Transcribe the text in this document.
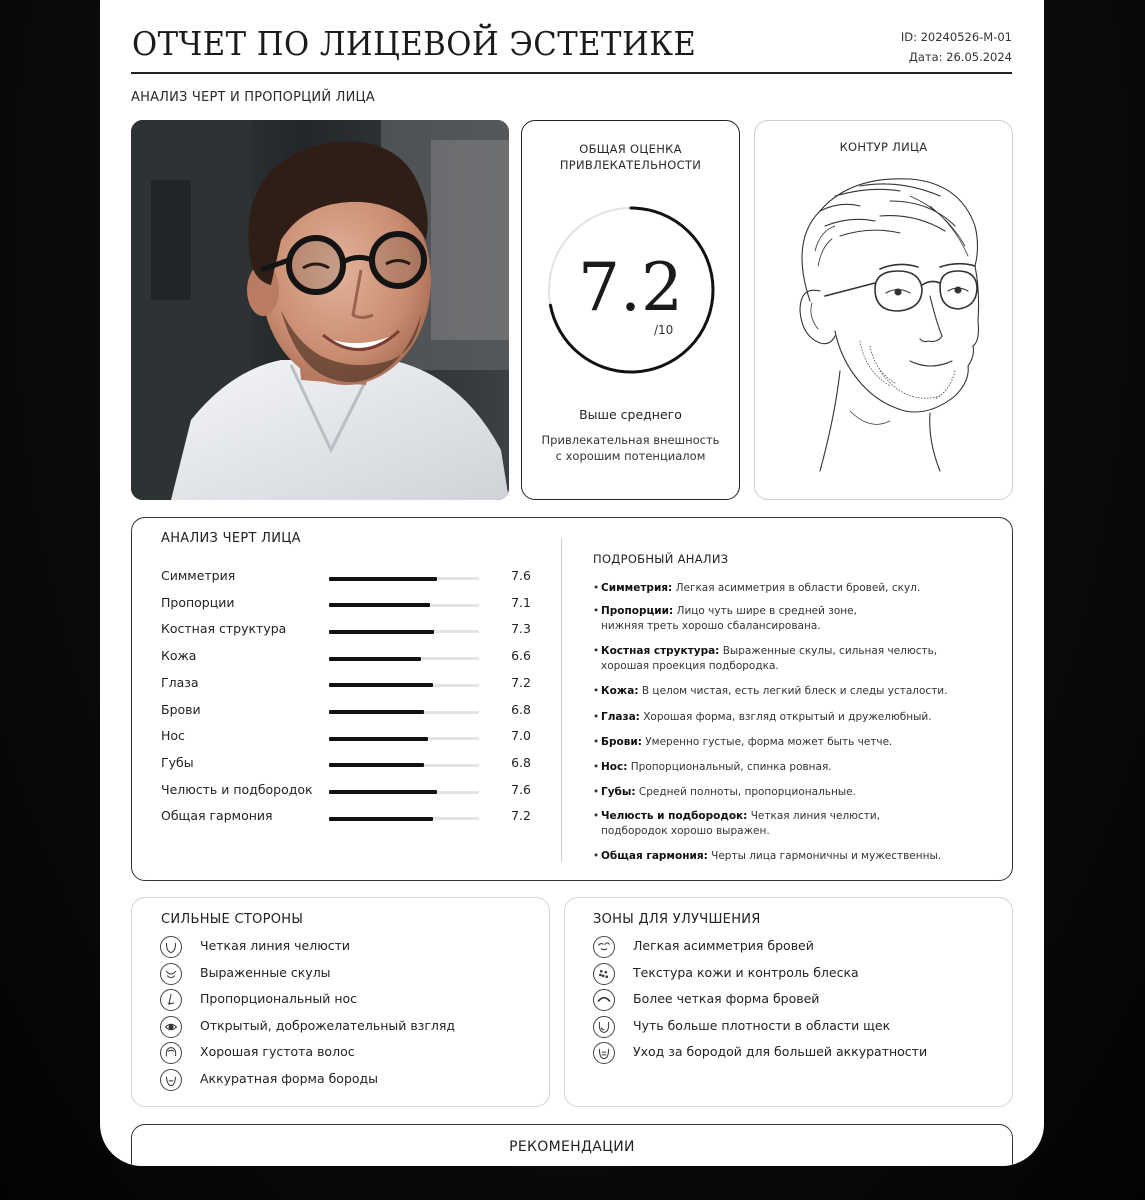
ОТЧЕТ ПО ЛИЦЕВОЙ ЭСТЕТИКЕ	ID: 20240526-M-01
Дата: 26.05.2024
АНАЛИЗ ЧЕРТ И ПРОПОРЦИЙ ЛИЦА
ОБЩАЯ ОЦЕНКА
ПРИВЛЕКАТЕЛЬНОСТИ
7.2
/10
Выше среднего
Привлекательная внешность
с хорошим потенциалом
КОНТУР ЛИЦА
АНАЛИЗ ЧЕРТ ЛИЦА
Симметрия	7.6
Пропорции	7.1
Костная структура	7.3
Кожа	6.6
Глаза	7.2
Брови	6.8
Нос	7.0
Губы	6.8
Челюсть и подбородок	7.6
Общая гармония	7.2
ПОДРОБНЫЙ АНАЛИЗ
• Симметрия: Легкая асимметрия в области бровей, скул.
• Пропорции: Лицо чуть шире в средней зоне,
нижняя треть хорошо сбалансирована.
• Костная структура: Выраженные скулы, сильная челюсть,
хорошая проекция подбородка.
• Кожа: В целом чистая, есть легкий блеск и следы усталости.
• Глаза: Хорошая форма, взгляд открытый и дружелюбный.
• Брови: Умеренно густые, форма может быть четче.
• Нос: Пропорциональный, спинка ровная.
• Губы: Средней полноты, пропорциональные.
• Челюсть и подбородок: Четкая линия челюсти,
подбородок хорошо выражен.
• Общая гармония: Черты лица гармоничны и мужественны.
СИЛЬНЫЕ СТОРОНЫ
Четкая линия челюсти
Выраженные скулы
Пропорциональный нос
Открытый, доброжелательный взгляд
Хорошая густота волос
Аккуратная форма бороды
ЗОНЫ ДЛЯ УЛУЧШЕНИЯ
Легкая асимметрия бровей
Текстура кожи и контроль блеска
Более четкая форма бровей
Чуть больше плотности в области щек
Уход за бородой для большей аккуратности
РЕКОМЕНДАЦИИ
